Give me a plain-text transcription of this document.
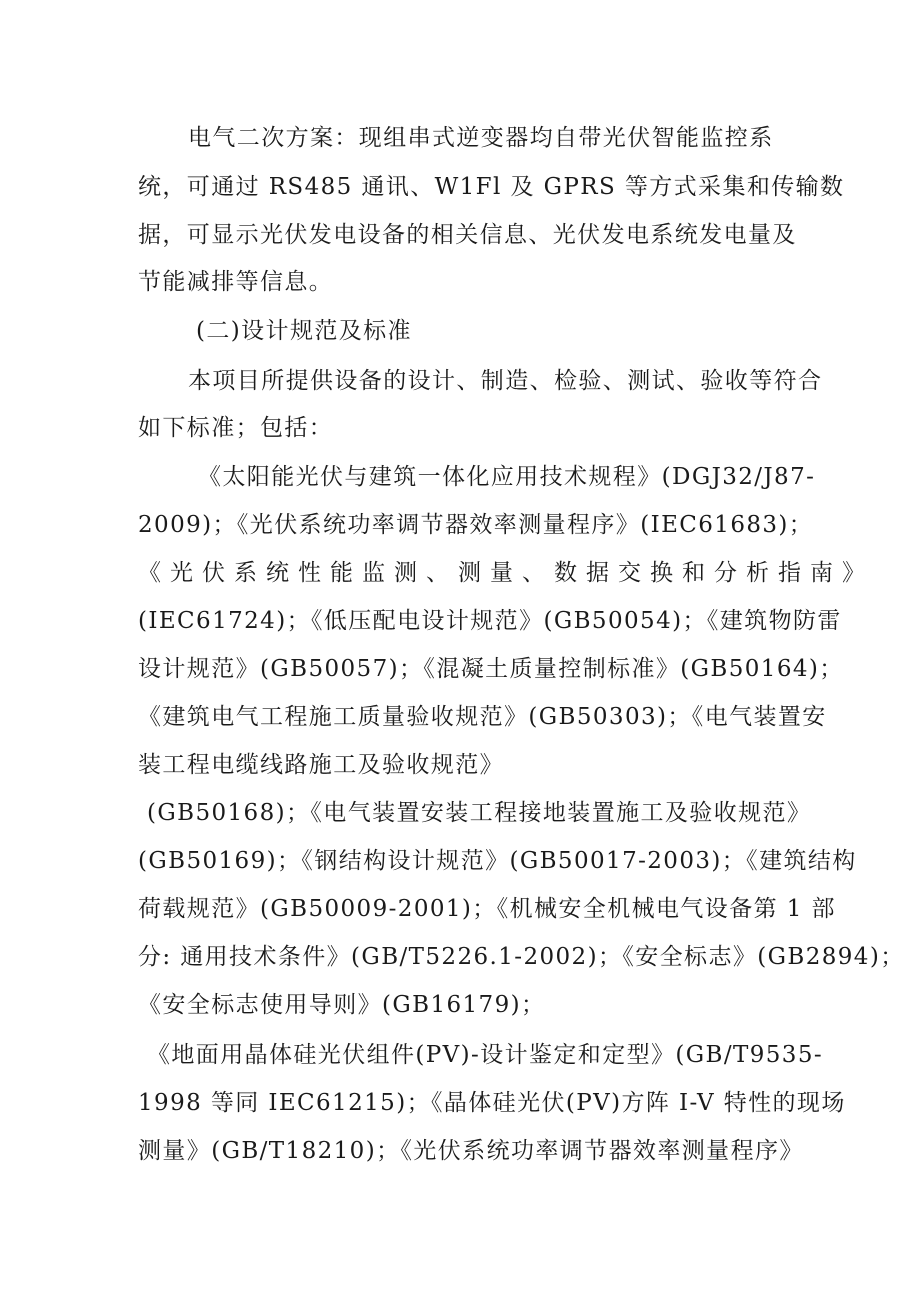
电气二次方案：现组串式逆变器均自带光伏智能监控系
统，可通过 RS485 通讯、W1Fl 及 GPRS 等方式采集和传输数
据，可显示光伏发电设备的相关信息、光伏发电系统发电量及
节能减排等信息。
(二)设计规范及标准
本项目所提供设备的设计、制造、检验、测试、验收等符合
如下标准；包括：
《太阳能光伏与建筑一体化应用技术规程》(DGJ32/J87-
2009)；《光伏系统功率调节器效率测量程序》(IEC61683)；
《光伏系统性能监测、测量、数据交换和分析指南》
(IEC61724)；《低压配电设计规范》(GB50054)；《建筑物防雷
设计规范》(GB50057)；《混凝土质量控制标准》(GB50164)；
《建筑电气工程施工质量验收规范》(GB50303)；《电气装置安
装工程电缆线路施工及验收规范》
(GB50168)；《电气装置安装工程接地装置施工及验收规范》
(GB50169)；《钢结构设计规范》(GB50017-2003)；《建筑结构
荷载规范》(GB50009-2001)；《机械安全机械电气设备第 1 部
分: 通用技术条件》(GB/T5226.1-2002)；《安全标志》(GB2894)；
《安全标志使用导则》(GB16179)；
《地面用晶体硅光伏组件(PV)-设计鉴定和定型》(GB/T9535-
1998 等同 IEC61215)；《晶体硅光伏(PV)方阵 I-V 特性的现场
测量》(GB/T18210)；《光伏系统功率调节器效率测量程序》
